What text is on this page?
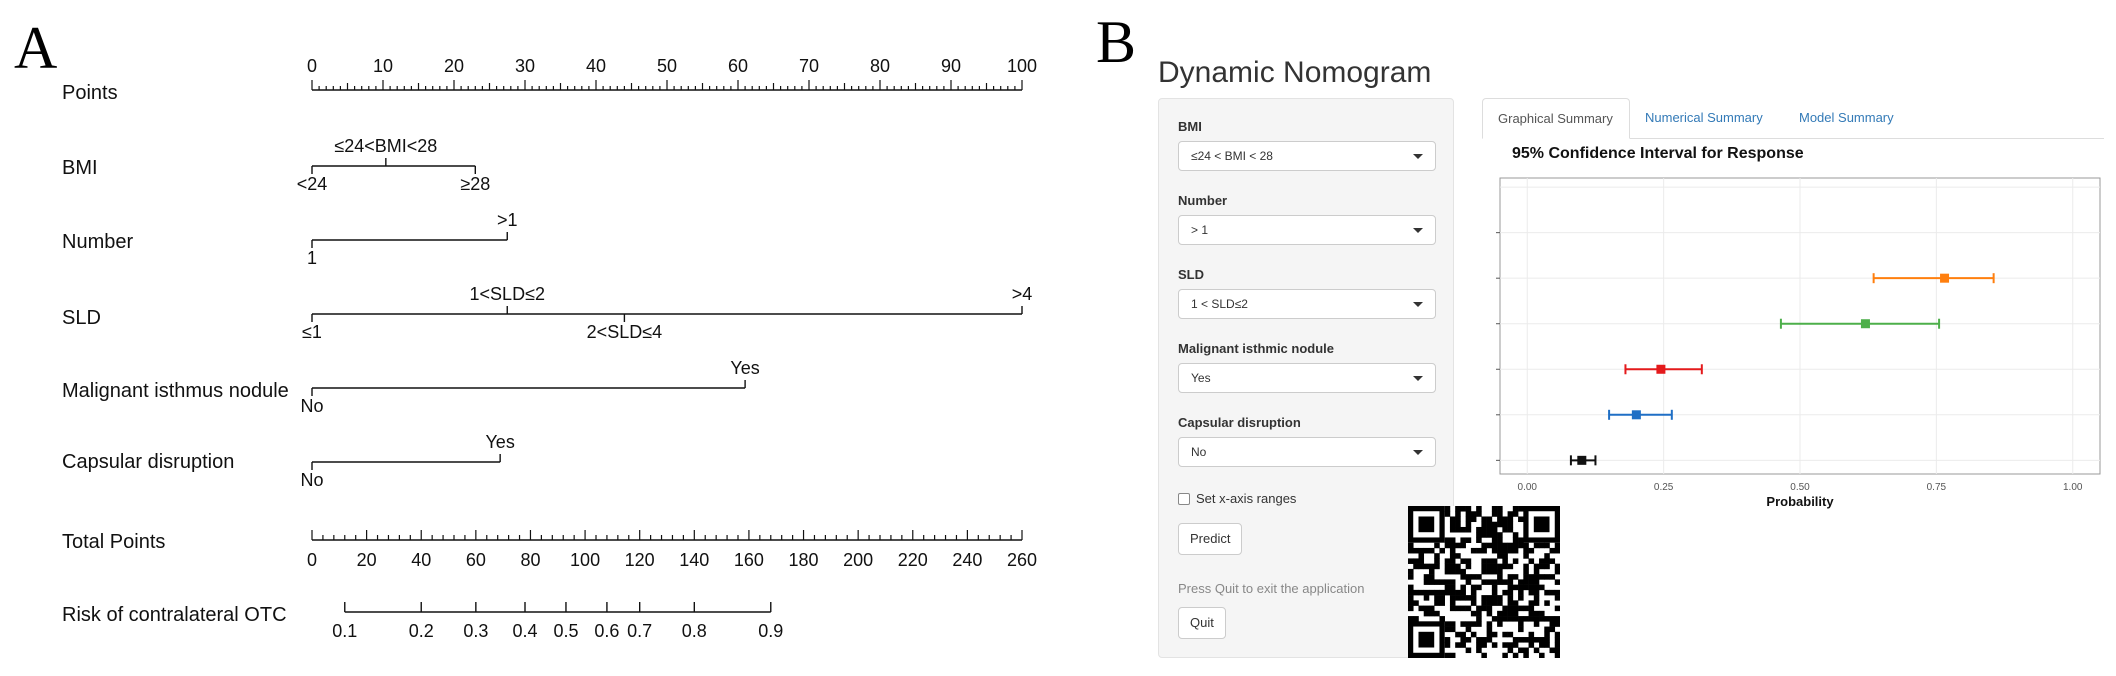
A
Points
0	10	20	30	40	50	60	70	80	90	100
BMI
<24
≤24<BMI<28
≥28
Number
1
>1
SLD
≤1
1<SLD≤2
2<SLD≤4
>4
Malignant isthmus nodule
No
Yes
Capsular disruption
No
Yes
Total Points
0 20 40 60 80 100 120 140 160 180 200 220 240 260
Risk of contralateral OTC
0.1	0.2 0.3 0.4 0.5 0.6 0.7 0.8	0.9
B Dynamic Nomogram
BMI
≤24 < BMI < 28
Number
> 1
SLD
1 < SLD≤2
Malignant isthmic nodule
Yes
Capsular disruption
No
Set x-axis ranges
Predict
Press Quit to exit the application
Quit
Graphical Summary	Numerical Summary	Model Summary
95% Confidence Interval for Response
0.00	0.25	0.50	0.75	1.00
Probability
